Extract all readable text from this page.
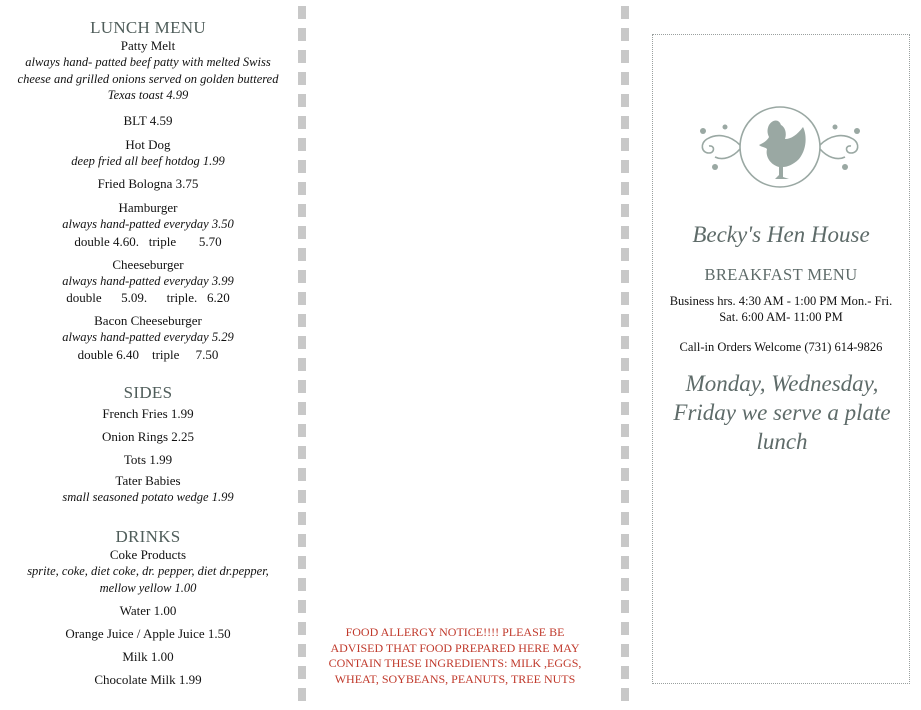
LUNCH MENU
Patty Melt
always hand- patted beef patty with melted Swiss
cheese and grilled onions served on golden buttered
Texas toast 4.99
BLT 4.59
Hot Dog
deep fried all beef hotdog 1.99
Fried Bologna 3.75
Hamburger
always hand-patted everyday 3.50
double 4.60.   triple       5.70
Cheeseburger
always hand-patted everyday 3.99
double      5.09.      triple.   6.20
Bacon Cheeseburger
always hand-patted everyday 5.29
double 6.40    triple     7.50
SIDES
French Fries 1.99
Onion Rings 2.25
Tots 1.99
Tater Babies
small seasoned potato wedge 1.99
DRINKS
Coke Products
sprite, coke, diet coke, dr. pepper, diet dr.pepper,
mellow yellow 1.00
Water 1.00
Orange Juice / Apple Juice 1.50
Milk 1.00
Chocolate Milk 1.99
FOOD ALLERGY NOTICE!!!! PLEASE BE
ADVISED THAT FOOD PREPARED HERE MAY
CONTAIN THESE INGREDIENTS: MILK ,EGGS,
WHEAT, SOYBEANS, PEANUTS, TREE NUTS
Becky's Hen House
BREAKFAST MENU
Business hrs. 4:30 AM - 1:00 PM Mon.- Fri.
Sat. 6:00 AM- 11:00 PM
Call-in Orders Welcome (731) 614-9826
Monday, Wednesday,
Friday we serve a plate
lunch
